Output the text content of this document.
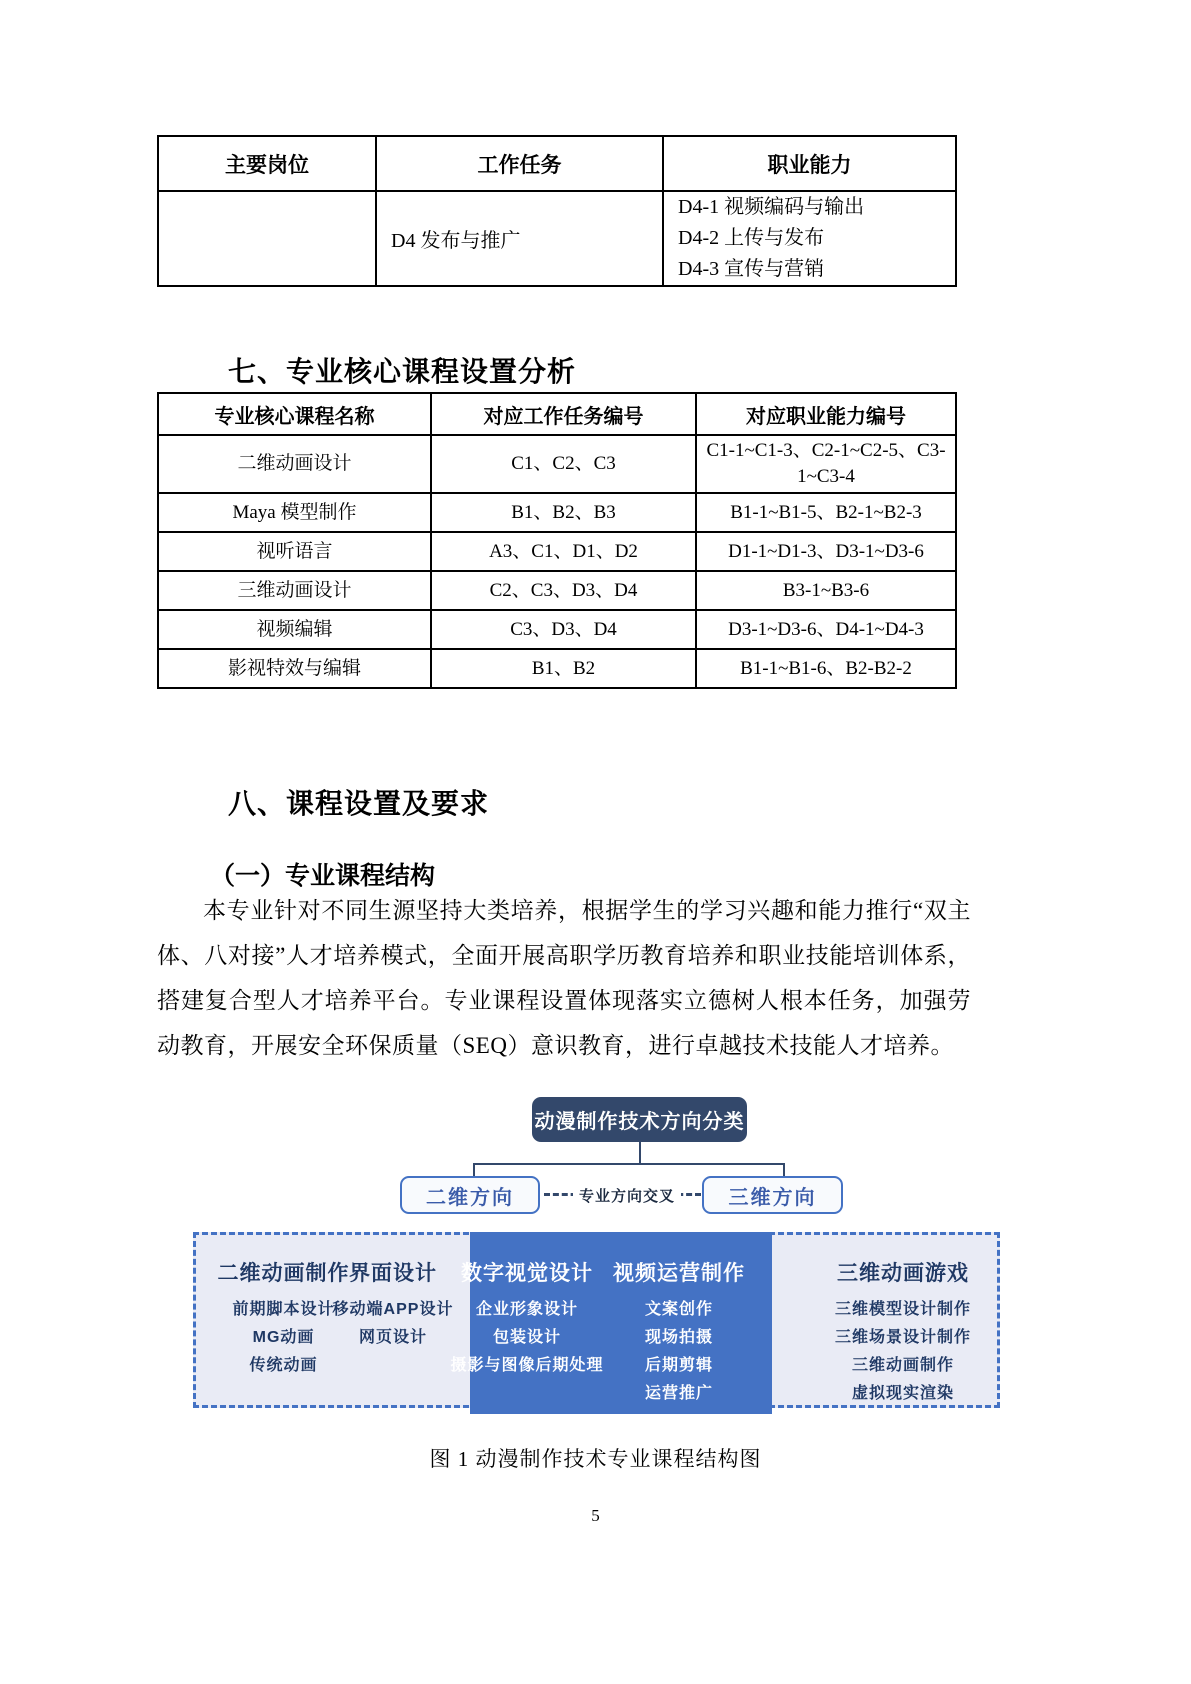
主要岗位	工作任务	职业能力
	D4 发布与推广	D4-1 视频编码与输出
D4-2 上传与发布
D4-3 宣传与营销
七、专业核心课程设置分析
专业核心课程名称	对应工作任务编号	对应职业能力编号
二维动画设计	C1、C2、C3	C1-1~C1-3、C2-1~C2-5、C3-1~C3-4
Maya 模型制作	B1、B2、B3	B1-1~B1-5、B2-1~B2-3
视听语言	A3、C1、D1、D2	D1-1~D1-3、D3-1~D3-6
三维动画设计	C2、C3、D3、D4	B3-1~B3-6
视频编辑	C3、D3、D4	D3-1~D3-6、D4-1~D4-3
影视特效与编辑	B1、B2	B1-1~B1-6、B2-B2-2
八、课程设置及要求
（一）专业课程结构
本专业针对不同生源坚持大类培养，根据学生的学习兴趣和能力推行“双主体、八对接”人才培养模式，全面开展高职学历教育培养和职业技能培训体系，搭建复合型人才培养平台。专业课程设置体现落实立德树人根本任务，加强劳动教育，开展安全环保质量（SEQ）意识教育，进行卓越技术技能人才培养。
动漫制作技术方向分类
二维方向	三维方向
专业方向交叉
二维动画制作
前期脚本设计
MG动画
传统动画
界面设计
移动端APP设计
网页设计
数字视觉设计
企业形象设计
包装设计
摄影与图像后期处理
视频运营制作
文案创作
现场拍摄
后期剪辑
运营推广
三维动画游戏
三维模型设计制作
三维场景设计制作
三维动画制作
虚拟现实渲染
图 1 动漫制作技术专业课程结构图
5
